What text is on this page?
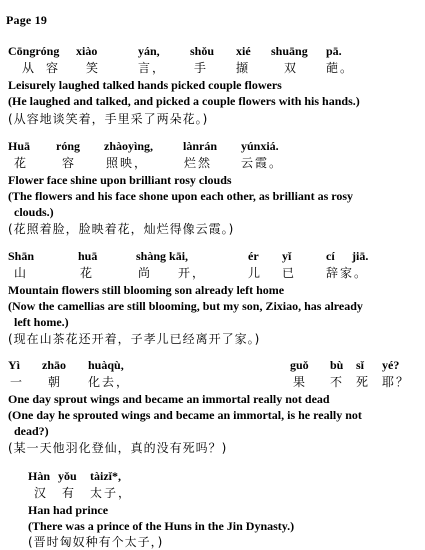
Page 19
Cōngróng xiào	yán,	shǒu xié shuāng pā.
从 容 笑	言， 手 撷	双 葩。
Leisurely laughed talked hands picked couple flowers
(He laughed and talked, and picked a couple flowers with his hands.)
(从容地谈笑着，手里采了两朵花。)
Huā róng zhàoyìng, lànrán yúnxiá.
花	容 照映，	烂然 云霞。
Flower face shine upon brilliant rosy clouds
(The flowers and his face shone upon each other, as brilliant as rosy
clouds.)
(花照着脸，脸映着花，灿烂得像云霞。)
Shān	huā	shàng kāi,	ér yǐ	cí jiā.
山	花	尚 开，	儿 已 辞家。
Mountain flowers still blooming son already left home
(Now the camellias are still blooming, but my son, Zixiao, has already
left home.)
(现在山茶花还开着，子孝儿已经离开了家。)
Yì zhāo huàqù,	guǒ bù sǐ yé?
一 朝 化去，	果 不 死 耶？
One day sprout wings and became an immortal really not dead
(One day he sprouted wings and became an immortal, is he really not
dead?)
(某一天他羽化登仙，真的没有死吗？)
Hàn yǒu tàizǐ*,
汉 有 太子，
Han had prince
(There was a prince of the Huns in the Jin Dynasty.)
(晋时匈奴种有个太子，)
